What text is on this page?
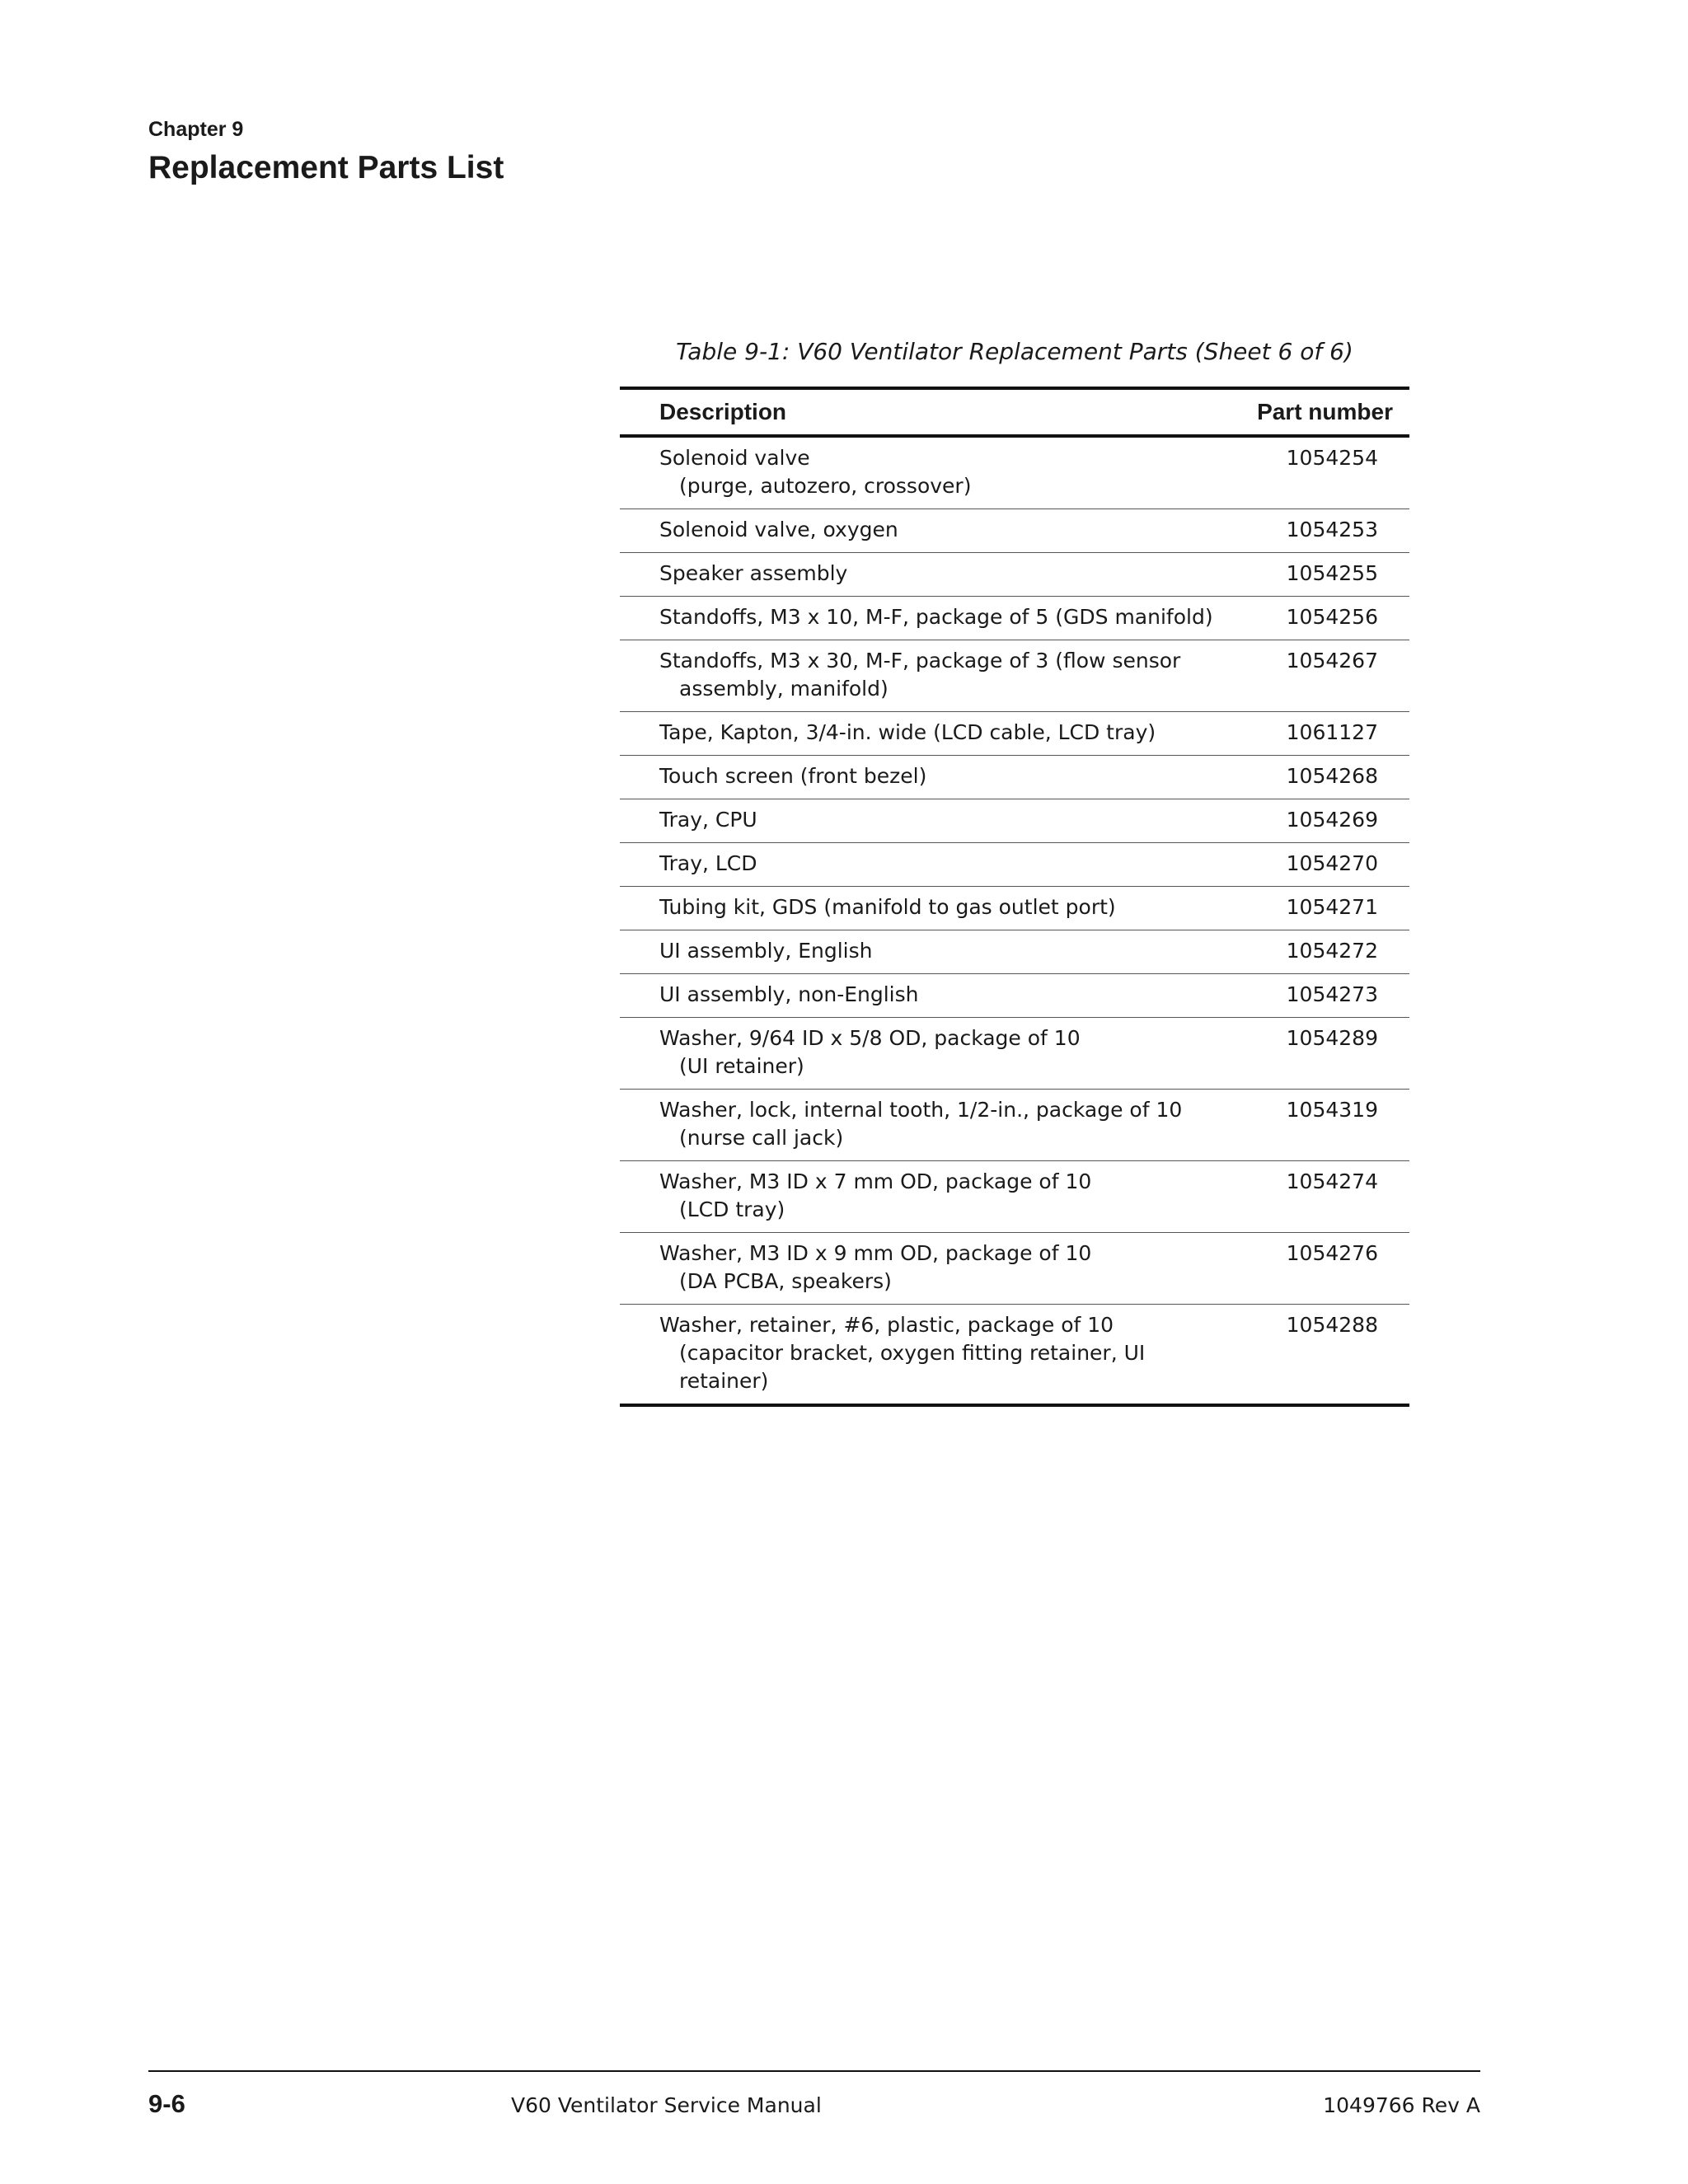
Chapter 9
Replacement Parts List
Table 9-1: V60 Ventilator Replacement Parts (Sheet 6 of 6)
Description	Part number

Solenoid valve
(purge, autozero, crossover)	1054254

Solenoid valve, oxygen	1054253

Speaker assembly	1054255

Standoffs, M3 x 10, M-F, package of 5 (GDS manifold)	1054256

Standoffs, M3 x 30, M-F, package of 3 (flow sensor
assembly, manifold)	1054267

Tape, Kapton, 3/4-in. wide (LCD cable, LCD tray)	1061127

Touch screen (front bezel)	1054268

Tray, CPU	1054269

Tray, LCD	1054270

Tubing kit, GDS (manifold to gas outlet port)	1054271

UI assembly, English	1054272

UI assembly, non-English	1054273

Washer, 9/64 ID x 5/8 OD, package of 10
(UI retainer)	1054289

Washer, lock, internal tooth, 1/2-in., package of 10
(nurse call jack)	1054319

Washer, M3 ID x 7 mm OD, package of 10
(LCD tray)	1054274

Washer, M3 ID x 9 mm OD, package of 10
(DA PCBA, speakers)	1054276

Washer, retainer, #6, plastic, package of 10
(capacitor bracket, oxygen fitting retainer, UI retainer)	1054288
9-6	V60 Ventilator Service Manual	1049766 Rev A
